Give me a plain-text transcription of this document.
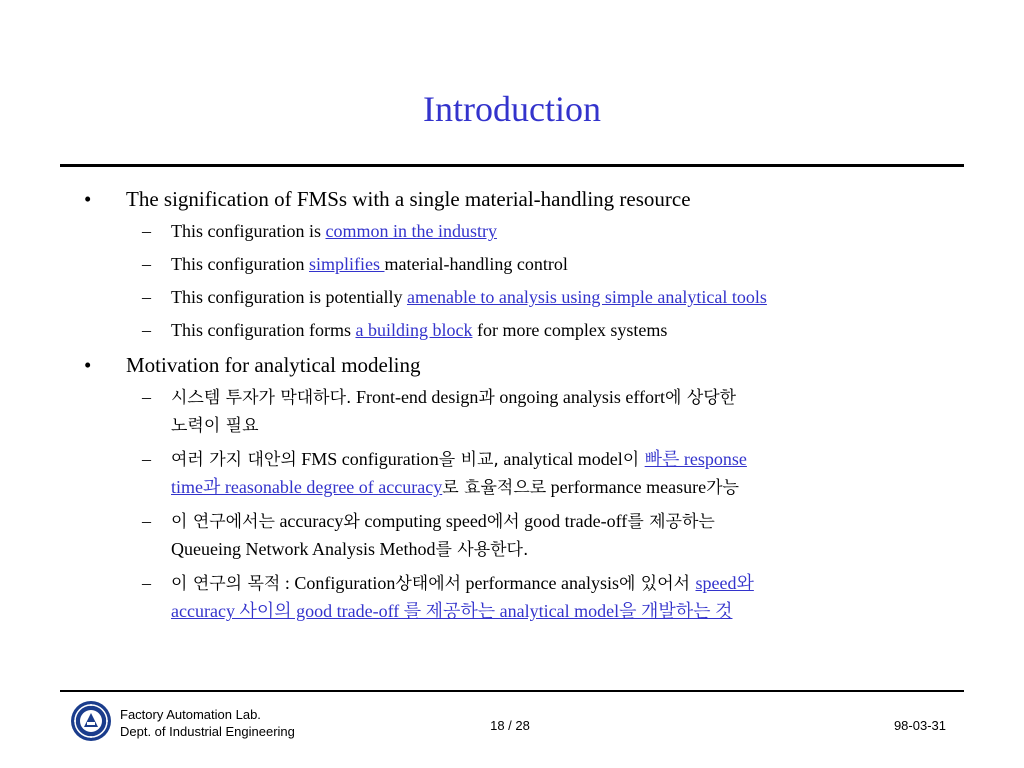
Introduction
• The signification of FMSs with a single material-handling resource
– This configuration is common in the industry
– This configuration simplifies material-handling control
– This configuration is potentially amenable to analysis using simple analytical tools
– This configuration forms a building block for more complex systems
• Motivation for analytical modeling
– 시스템 투자가 막대하다. Front-end design과 ongoing analysis effort에 상당한
노력이 필요
– 여러 가지 대안의 FMS configuration을 비교, analytical model이 빠른 response
time과 reasonable degree of accuracy로 효율적으로 performance measure가능
– 이 연구에서는 accuracy와 computing speed에서 good trade-off를 제공하는
Queueing Network Analysis Method를 사용한다.
– 이 연구의 목적 : Configuration상태에서 performance analysis에 있어서 speed와
accuracy 사이의 good trade-off 를 제공하는 analytical model을 개발하는 것
Factory Automation Lab.
Dept. of Industrial Engineering	18 / 28	98-03-31
